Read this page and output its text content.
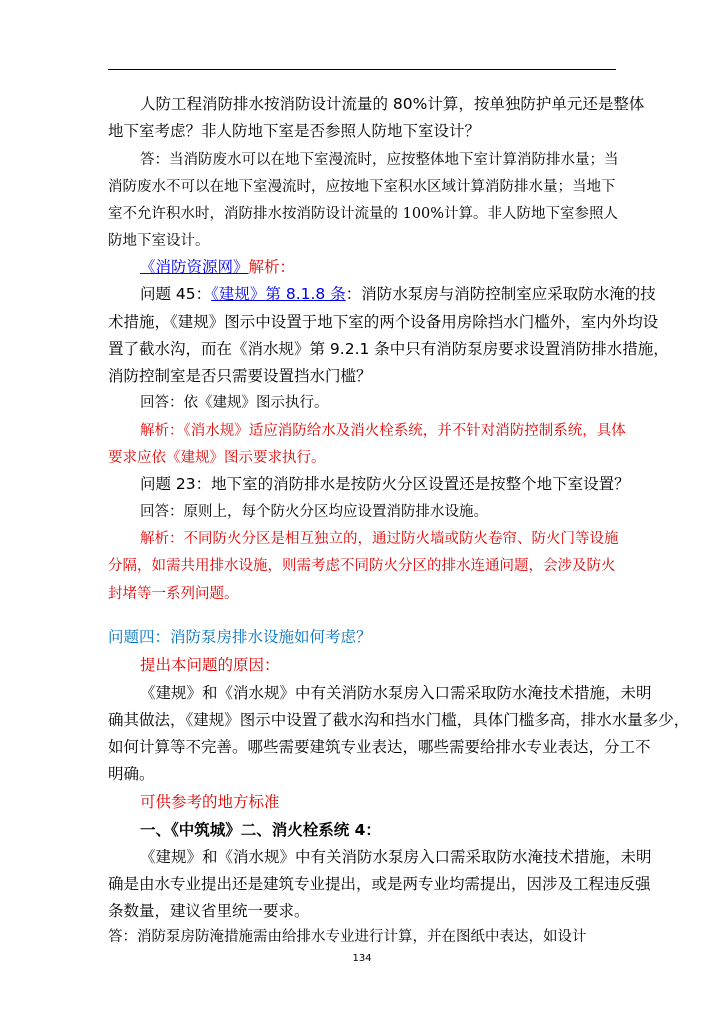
人防工程消防排水按消防设计流量的 80%计算，按单独防护单元还是整体
地下室考虑？非人防地下室是否参照人防地下室设计？
答：当消防废水可以在地下室漫流时，应按整体地下室计算消防排水量；当
消防废水不可以在地下室漫流时，应按地下室积水区域计算消防排水量；当地下
室不允许积水时，消防排水按消防设计流量的 100%计算。非人防地下室参照人
防地下室设计。
《消防资源网》解析：
问题 45：《建规》第 8.1.8 条：消防水泵房与消防控制室应采取防水淹的技
术措施，《建规》图示中设置于地下室的两个设备用房除挡水门槛外，室内外均设
置了截水沟，而在《消水规》第 9.2.1 条中只有消防泵房要求设置消防排水措施，
消防控制室是否只需要设置挡水门槛？
回答：依《建规》图示执行。
解析：《消水规》适应消防给水及消火栓系统，并不针对消防控制系统，具体
要求应依《建规》图示要求执行。
问题 23：地下室的消防排水是按防火分区设置还是按整个地下室设置？
回答：原则上，每个防火分区均应设置消防排水设施。
解析：不同防火分区是相互独立的，通过防火墙或防火卷帘、防火门等设施
分隔，如需共用排水设施，则需考虑不同防火分区的排水连通问题，会涉及防火
封堵等一系列问题。
问题四：消防泵房排水设施如何考虑？
提出本问题的原因：
《建规》和《消水规》中有关消防水泵房入口需采取防水淹技术措施，未明
确其做法，《建规》图示中设置了截水沟和挡水门槛，具体门槛多高，排水水量多少，
如何计算等不完善。哪些需要建筑专业表达，哪些需要给排水专业表达，分工不
明确。
可供参考的地方标准
一、《中筑城》二、消火栓系统 4：
《建规》和《消水规》中有关消防水泵房入口需采取防水淹技术措施，未明
确是由水专业提出还是建筑专业提出，或是两专业均需提出，因涉及工程违反强
条数量，建议省里统一要求。
答：消防泵房防淹措施需由给排水专业进行计算，并在图纸中表达，如设计
134
